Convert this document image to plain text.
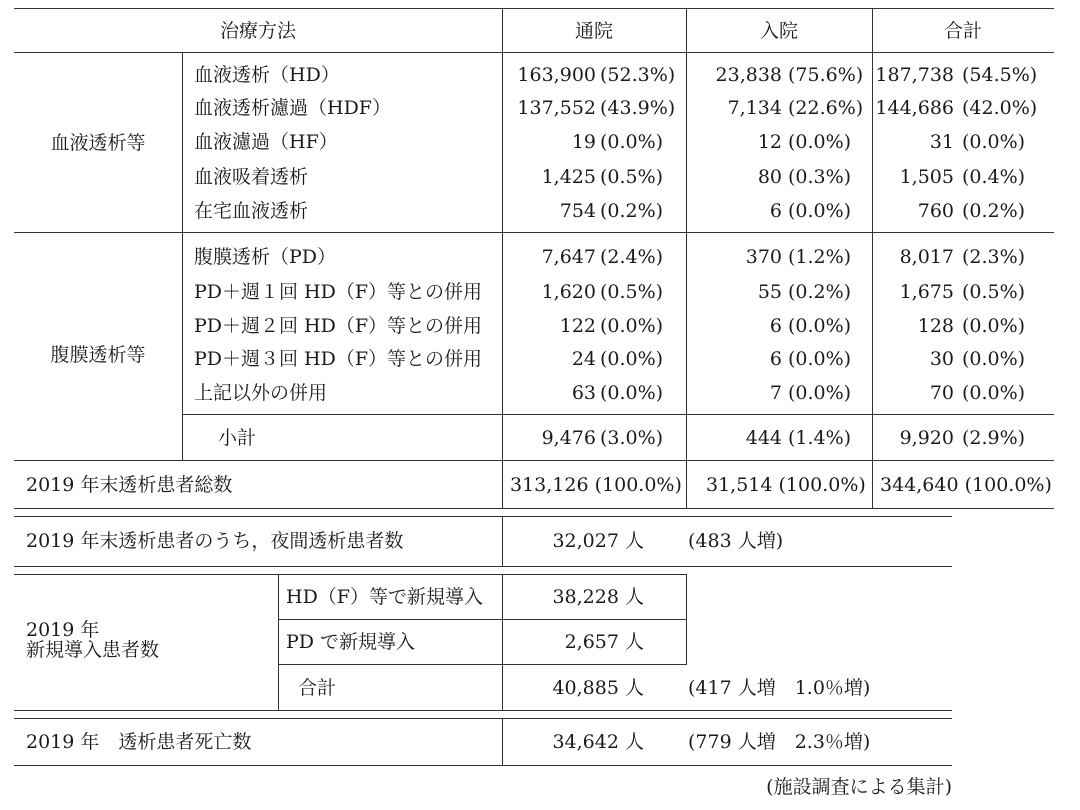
治療方法	通院	入院	合計
血液透析等
腹膜透析等
血液透析（HD）	163,900 (52.3%)	23,838 (75.6%) 187,738 (54.5%)
血液透析濾過（HDF）	137,552 (43.9%)	7,134 (22.6%) 144,686 (42.0%)
血液濾過（HF）	19 (0.0%)	12 (0.0%)	31 (0.0%)
血液吸着透析	1,425 (0.5%)	80 (0.3%)	1,505 (0.4%)
在宅血液透析	754 (0.2%)	6 (0.0%)	760 (0.2%)
腹膜透析（PD）	7,647 (2.4%)	370 (1.2%)	8,017 (2.3%)
PD＋週１回 HD（F）等との併用	1,620 (0.5%)	55 (0.2%)	1,675 (0.5%)
PD＋週２回 HD（F）等との併用	122 (0.0%)	6 (0.0%)	128 (0.0%)
PD＋週３回 HD（F）等との併用	24 (0.0%)	6 (0.0%)	30 (0.0%)
上記以外の併用	63 (0.0%)	7 (0.0%)	70 (0.0%)
小計	9,476 (3.0%)	444 (1.4%)	9,920 (2.9%)
2019 年末透析患者総数	313,126 (100.0%) 31,514 (100.0%) 344,640 (100.0%)
2019 年末透析患者のうち，夜間透析患者数	32,027 人 (483 人増)
2019 年
新規導入患者数
HD（F）等で新規導入	38,228 人
PD で新規導入	2,657 人
合計	40,885 人 (417 人増　1.0％増)
2019 年　透析患者死亡数	34,642 人 (779 人増　2.3％増)
(施設調査による集計)
